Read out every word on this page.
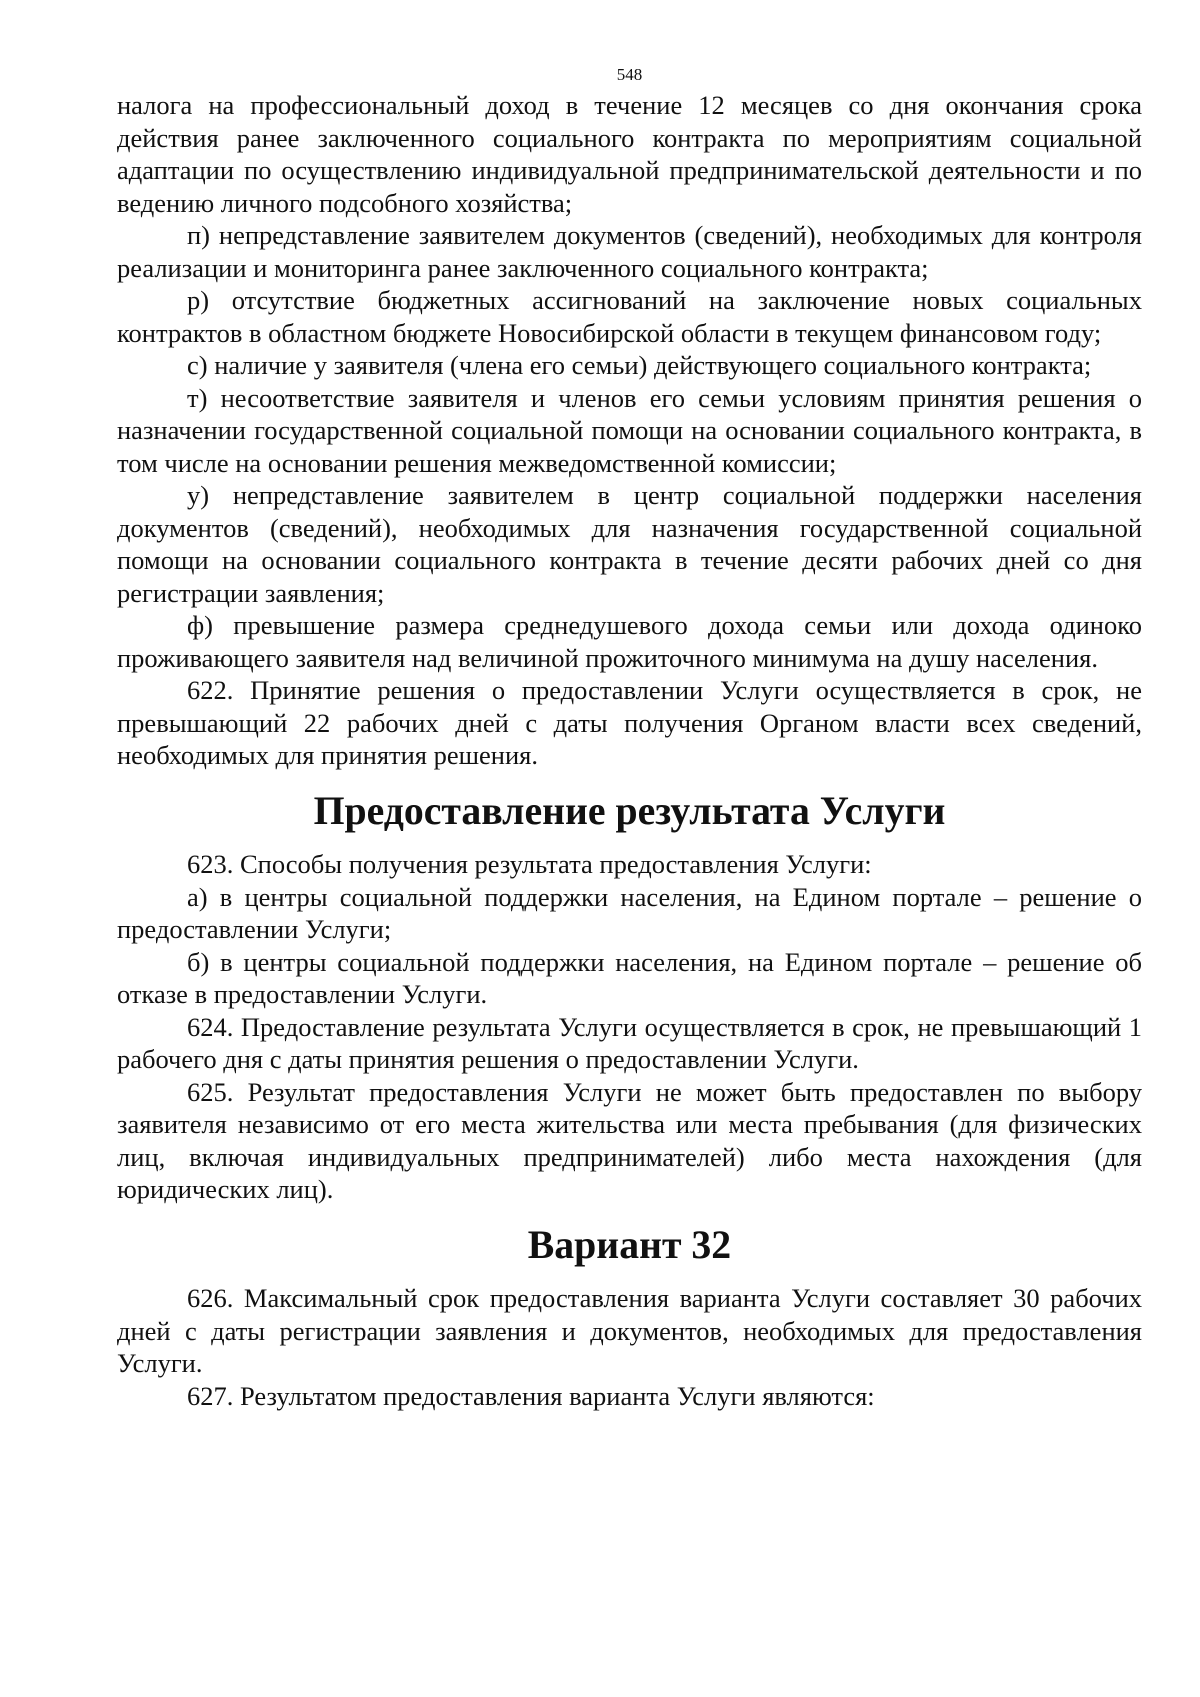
548

налога на профессиональный доход в течение 12 месяцев со дня окончания срока действия ранее заключенного социального контракта по мероприятиям социальной адаптации по осуществлению индивидуальной предпринимательской деятельности и по ведению личного подсобного хозяйства;

п) непредставление заявителем документов (сведений), необходимых для контроля реализации и мониторинга ранее заключенного социального контракта;

р) отсутствие бюджетных ассигнований на заключение новых социальных контрактов в областном бюджете Новосибирской области в текущем финансовом году;

с) наличие у заявителя (члена его семьи) действующего социального контракта;

т) несоответствие заявителя и членов его семьи условиям принятия решения о назначении государственной социальной помощи на основании социального контракта, в том числе на основании решения межведомственной комиссии;

у) непредставление заявителем в центр социальной поддержки населения документов (сведений), необходимых для назначения государственной социальной помощи на основании социального контракта в течение десяти рабочих дней со дня регистрации заявления;

ф) превышение размера среднедушевого дохода семьи или дохода одиноко проживающего заявителя над величиной прожиточного минимума на душу населения.

622. Принятие решения о предоставлении Услуги осуществляется в срок, не превышающий 22 рабочих дней с даты получения Органом власти всех сведений, необходимых для принятия решения.

Предоставление результата Услуги

623. Способы получения результата предоставления Услуги:

а) в центры социальной поддержки населения, на Едином портале – решение о предоставлении Услуги;

б) в центры социальной поддержки населения, на Едином портале – решение об отказе в предоставлении Услуги.

624. Предоставление результата Услуги осуществляется в срок, не превышающий 1 рабочего дня с даты принятия решения о предоставлении Услуги.

625. Результат предоставления Услуги не может быть предоставлен по выбору заявителя независимо от его места жительства или места пребывания (для физических лиц, включая индивидуальных предпринимателей) либо места нахождения (для юридических лиц).

Вариант 32

626. Максимальный срок предоставления варианта Услуги составляет 30 рабочих дней с даты регистрации заявления и документов, необходимых для предоставления Услуги.

627. Результатом предоставления варианта Услуги являются:
